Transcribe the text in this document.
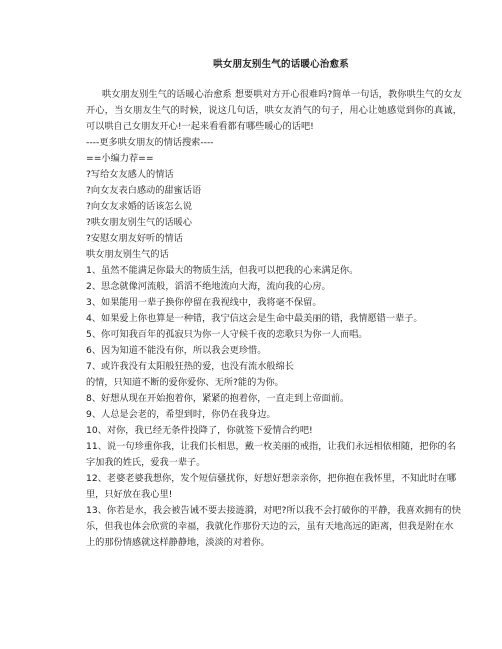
哄女朋友别生气的话暖心治愈系

哄女朋友别生气的话暖心治愈系 想要哄对方开心很难吗?简单一句话，教你哄生气的女友开心，当女朋友生气的时候，说这几句话，哄女友消气的句子，用心让她感觉到你的真诚，可以哄自己女朋友开心!一起来看看都有哪些暖心的话吧!

----更多哄女朋友的情话搜索----

==小编力荐==

?写给女友感人的情话

?向女友表白感动的甜蜜话语

?向女友求婚的话该怎么说

?哄女朋友别生气的话暖心

?安慰女朋友好听的情话

哄女朋友别生气的话

1、虽然不能满足你最大的物质生活，但我可以把我的心来满足你。

2、思念就像河流般，滔滔不绝地流向大海，流向我的心房。

3、如果能用一辈子换你停留在我视线中，我将毫不保留。

4、如果爱上你也算是一种错，我宁信这会是生命中最美丽的错，我情愿错一辈子。

5、你可知我百年的孤寂只为你一人守候千夜的恋歌只为你一人而唱。

6、因为知道不能没有你，所以我会更珍惜。

7、或许我没有太阳般狂热的爱，也没有流水般绵长

的情，只知道不断的爱你爱你、无所?能的为你。

8、好想从现在开始抱着你，紧紧的抱着你，一直走到上帝面前。

9、人总是会老的，希望到时，你仍在我身边。

10、对你，我已经无条件投降了，你就签下爱情合约吧!

11、说一句珍重你我，让我们长相思，戴一枚美丽的戒指，让我们永远相依相随，把你的名字加我的姓氏，爱我一辈子。

12、老婆老婆我想你，发个短信骚扰你，好想好想亲亲你，把你抱在我怀里，不知此时在哪里，只好放在我心里!

13、你若是水，我会被告诫不要去接涟漪，对吧?所以我不会打破你的平静，我喜欢拥有的快乐，但我也体会欣赏的幸福，我就化作那份天边的云，虽有天地高远的距离，但我是附在水上的那份情感就这样静静地，淡淡的对着你。
